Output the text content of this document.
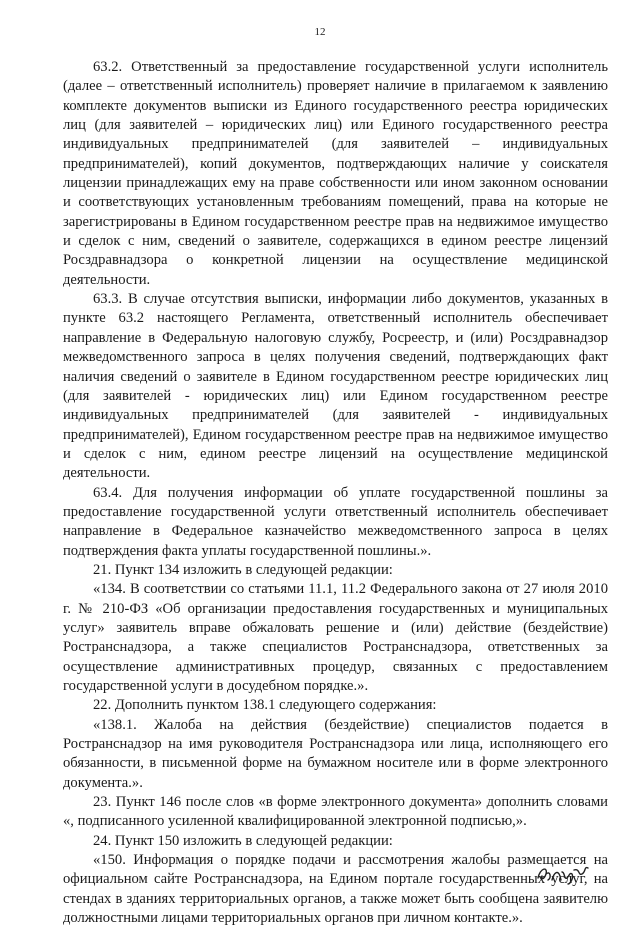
12

63.2. Ответственный за предоставление государственной услуги исполнитель (далее – ответственный исполнитель) проверяет наличие в прилагаемом к заявлению комплекте документов выписки из Единого государственного реестра юридических лиц (для заявителей – юридических лиц) или Единого государственного реестра индивидуальных предпринимателей (для заявителей – индивидуальных предпринимателей), копий документов, подтверждающих наличие у соискателя лицензии принадлежащих ему на праве собственности или ином законном основании и соответствующих установленным требованиям помещений, права на которые не зарегистрированы в Едином государственном реестре прав на недвижимое имущество и сделок с ним, сведений о заявителе, содержащихся в едином реестре лицензий Росздравнадзора о конкретной лицензии на осуществление медицинской деятельности.

63.3. В случае отсутствия выписки, информации либо документов, указанных в пункте 63.2 настоящего Регламента, ответственный исполнитель обеспечивает направление в Федеральную налоговую службу, Росреестр, и (или) Росздравнадзор межведомственного запроса в целях получения сведений, подтверждающих факт наличия сведений о заявителе в Едином государственном реестре юридических лиц (для заявителей - юридических лиц) или Едином государственном реестре индивидуальных предпринимателей (для заявителей - индивидуальных предпринимателей), Едином государственном реестре прав на недвижимое имущество и сделок с ним, едином реестре лицензий на осуществление медицинской деятельности.

63.4. Для получения информации об уплате государственной пошлины за предоставление государственной услуги ответственный исполнитель обеспечивает направление в Федеральное казначейство межведомственного запроса в целях подтверждения факта уплаты государственной пошлины.».

21. Пункт 134 изложить в следующей редакции:

«134. В соответствии со статьями 11.1, 11.2 Федерального закона от 27 июля 2010 г. № 210-ФЗ «Об организации предоставления государственных и муниципальных услуг» заявитель вправе обжаловать решение и (или) действие (бездействие) Ространснадзора, а также специалистов Ространснадзора, ответственных за осуществление административных процедур, связанных с предоставлением государственной услуги в досудебном порядке.».

22. Дополнить пунктом 138.1 следующего содержания:

«138.1. Жалоба на действия (бездействие) специалистов подается в Ространснадзор на имя руководителя Ространснадзора или лица, исполняющего его обязанности, в письменной форме на бумажном носителе или в форме электронного документа.».

23. Пункт 146 после слов «в форме электронного документа» дополнить словами «, подписанного усиленной квалифицированной электронной подписью,».

24. Пункт 150 изложить в следующей редакции:

«150. Информация о порядке подачи и рассмотрения жалобы размещается на официальном сайте Ространснадзора, на Едином портале государственных услуг, на стендах в зданиях территориальных органов, а также может быть сообщена заявителю должностными лицами территориальных органов при личном контакте.».
